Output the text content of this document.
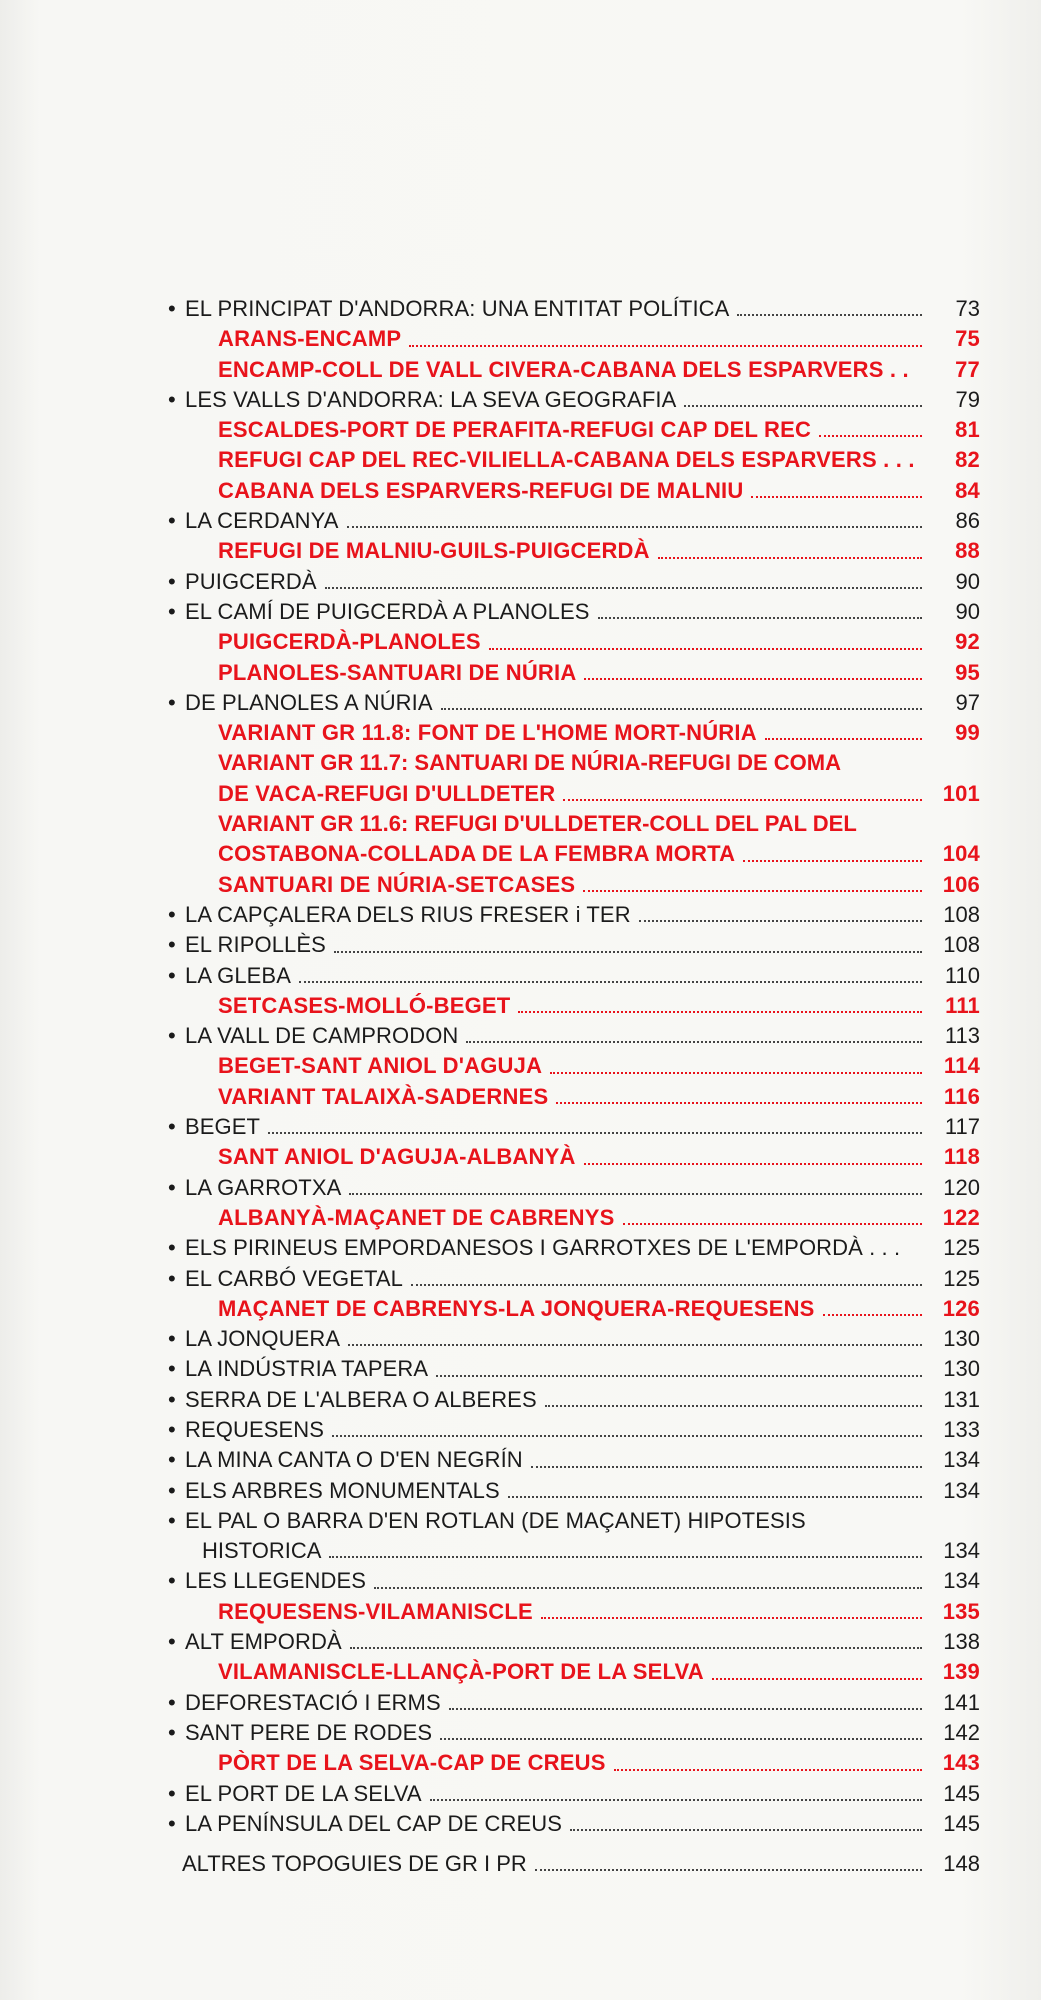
• EL PRINCIPAT D'ANDORRA: UNA ENTITAT POLÍTICA	73
ARANS-ENCAMP	75
ENCAMP-COLL DE VALL CIVERA-CABANA DELS ESPARVERS . .	77
• LES VALLS D'ANDORRA: LA SEVA GEOGRAFIA	79
ESCALDES-PORT DE PERAFITA-REFUGI CAP DEL REC	81
REFUGI CAP DEL REC-VILIELLA-CABANA DELS ESPARVERS . . .	82
CABANA DELS ESPARVERS-REFUGI DE MALNIU	84
• LA CERDANYA	86
REFUGI DE MALNIU-GUILS-PUIGCERDÀ	88
• PUIGCERDÀ	90
• EL CAMÍ DE PUIGCERDÀ A PLANOLES	90
PUIGCERDÀ-PLANOLES	92
PLANOLES-SANTUARI DE NÚRIA	95
• DE PLANOLES A NÚRIA	97
VARIANT GR 11.8: FONT DE L'HOME MORT-NÚRIA	99
VARIANT GR 11.7: SANTUARI DE NÚRIA-REFUGI DE COMA
DE VACA-REFUGI D'ULLDETER	101
VARIANT GR 11.6: REFUGI D'ULLDETER-COLL DEL PAL DEL
COSTABONA-COLLADA DE LA FEMBRA MORTA	104
SANTUARI DE NÚRIA-SETCASES	106
• LA CAPÇALERA DELS RIUS FRESER i TER	108
• EL RIPOLLÈS	108
• LA GLEBA	110
SETCASES-MOLLÓ-BEGET	111
• LA VALL DE CAMPRODON	113
BEGET-SANT ANIOL D'AGUJA	114
VARIANT TALAIXÀ-SADERNES	116
• BEGET	117
SANT ANIOL D'AGUJA-ALBANYÀ	118
• LA GARROTXA	120
ALBANYÀ-MAÇANET DE CABRENYS	122
• ELS PIRINEUS EMPORDANESOS I GARROTXES DE L'EMPORDÀ . . .	125
• EL CARBÓ VEGETAL	125
MAÇANET DE CABRENYS-LA JONQUERA-REQUESENS	126
• LA JONQUERA	130
• LA INDÚSTRIA TAPERA	130
• SERRA DE L'ALBERA O ALBERES	131
• REQUESENS	133
• LA MINA CANTA O D'EN NEGRÍN	134
• ELS ARBRES MONUMENTALS	134
• EL PAL O BARRA D'EN ROTLAN (DE MAÇANET) HIPOTESIS
HISTORICA	134
• LES LLEGENDES	134
REQUESENS-VILAMANISCLE	135
• ALT EMPORDÀ	138
VILAMANISCLE-LLANÇÀ-PORT DE LA SELVA	139
• DEFORESTACIÓ I ERMS	141
• SANT PERE DE RODES	142
PÒRT DE LA SELVA-CAP DE CREUS	143
• EL PORT DE LA SELVA	145
• LA PENÍNSULA DEL CAP DE CREUS	145
ALTRES TOPOGUIES DE GR I PR	148
